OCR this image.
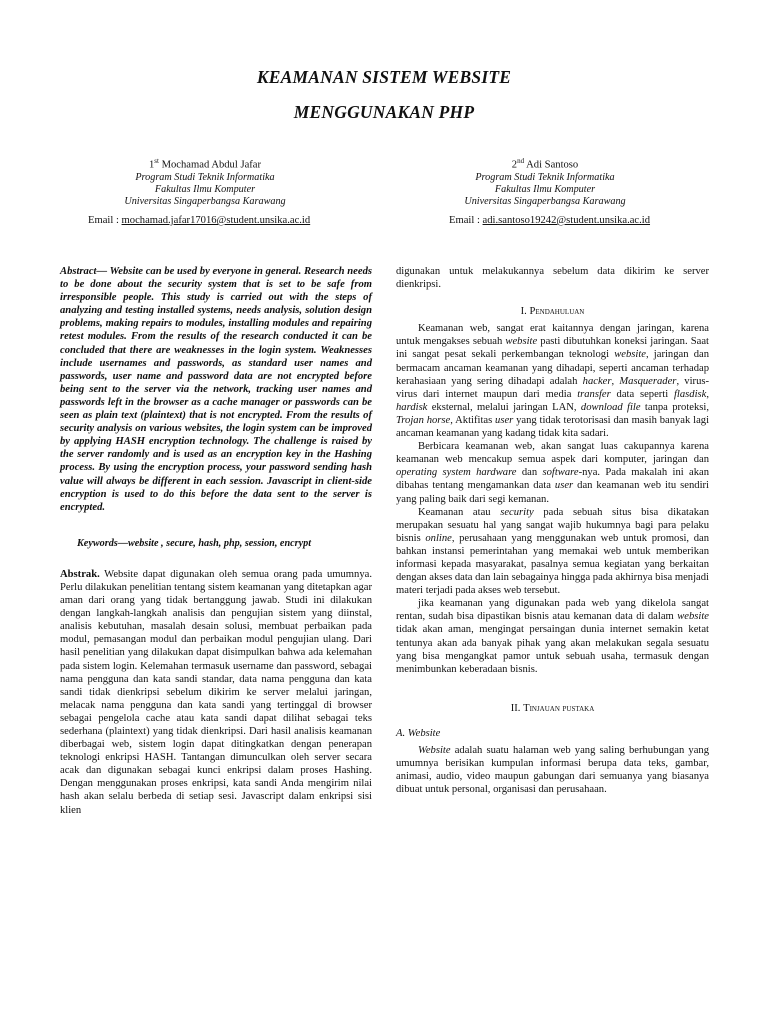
KEAMANAN SISTEM WEBSITE
MENGGUNAKAN PHP
1st Mochamad Abdul Jafar
Program Studi Teknik Informatika
Fakultas Ilmu Komputer
Universitas Singaperbangsa Karawang
2nd Adi Santoso
Program Studi Teknik Informatika
Fakultas Ilmu Komputer
Universitas Singaperbangsa Karawang
Email : mochamad.jafar17016@student.unsika.ac.id	Email : adi.santoso19242@student.unsika.ac.id

Abstract— Website can be used by everyone in general. Research needs to be done about the security system that is set to be safe from irresponsible people. This study is carried out with the steps of analyzing and testing installed systems, needs analysis, solution design problems, making repairs to modules, installing modules and repairing retest modules. From the results of the research conducted it can be concluded that there are weaknesses in the login system. Weaknesses include usernames and passwords, as standard user names and passwords, user name and password data are not encrypted before being sent to the server via the network, tracking user names and passwords left in the browser as a cache manager or passwords can be seen as plain text (plaintext) that is not encrypted. From the results of security analysis on various websites, the login system can be improved by applying HASH encryption technology. The challenge is raised by the server randomly and is used as an encryption key in the Hashing process. By using the encryption process, your password sending hash value will always be different in each session. Javascript in client-side encryption is used to do this before the data sent to the server is encrypted.

Keywords—website , secure, hash, php, session, encrypt

Abstrak. Website dapat digunakan oleh semua orang pada umumnya. Perlu dilakukan penelitian tentang sistem keamanan yang ditetapkan agar aman dari orang yang tidak bertanggung jawab. Studi ini dilakukan dengan langkah-langkah analisis dan pengujian sistem yang diinstal, analisis kebutuhan, masalah desain solusi, membuat perbaikan pada modul, pemasangan modul dan perbaikan modul pengujian ulang. Dari hasil penelitian yang dilakukan dapat disimpulkan bahwa ada kelemahan pada sistem login. Kelemahan termasuk username dan password, sebagai nama pengguna dan kata sandi standar, data nama pengguna dan kata sandi tidak dienkripsi sebelum dikirim ke server melalui jaringan, melacak nama pengguna dan kata sandi yang tertinggal di browser sebagai pengelola cache atau kata sandi dapat dilihat sebagai teks sederhana (plaintext) yang tidak dienkripsi. Dari hasil analisis keamanan diberbagai web, sistem login dapat ditingkatkan dengan penerapan teknologi enkripsi HASH. Tantangan dimunculkan oleh server secara acak dan digunakan sebagai kunci enkripsi dalam proses Hashing. Dengan menggunakan proses enkripsi, kata sandi Anda mengirim nilai hash akan selalu berbeda di setiap sesi. Javascript dalam enkripsi sisi klien

digunakan untuk melakukannya sebelum data dikirim ke server dienkripsi.

I. Pendahuluan

Keamanan web, sangat erat kaitannya dengan jaringan, karena untuk mengakses sebuah website pasti dibutuhkan koneksi jaringan. Saat ini sangat pesat sekali perkembangan teknologi website, jaringan dan bermacam ancaman keamanan yang dihadapi, seperti ancaman terhadap kerahasiaan yang sering dihadapi adalah hacker, Masquerader, virus-virus dari internet maupun dari media transfer data seperti flasdisk, hardisk eksternal, melalui jaringan LAN, download file tanpa proteksi, Trojan horse, Aktifitas user yang tidak terotorisasi dan masih banyak lagi ancaman keamanan yang kadang tidak kita sadari.

Berbicara keamanan web, akan sangat luas cakupannya karena keamanan web mencakup semua aspek dari komputer, jaringan dan operating system hardware dan software-nya. Pada makalah ini akan dibahas tentang mengamankan data user dan keamanan web itu sendiri yang paling baik dari segi kemanan.

Keamanan atau security pada sebuah situs bisa dikatakan merupakan sesuatu hal yang sangat wajib hukumnya bagi para pelaku bisnis online, perusahaan yang menggunakan web untuk promosi, dan bahkan instansi pemerintahan yang memakai web untuk memberikan informasi kepada masyarakat, pasalnya semua kegiatan yang berkaitan dengan akses data dan lain sebagainya hingga pada akhirnya bisa menjadi materi terjadi pada akses web tersebut.

jika keamanan yang digunakan pada web yang dikelola sangat rentan, sudah bisa dipastikan bisnis atau kemanan data di dalam website tidak akan aman, mengingat persaingan dunia internet semakin ketat tentunya akan ada banyak pihak yang akan melakukan segala sesuatu yang bisa mengangkat pamor untuk sebuah usaha, termasuk dengan menimbunkan keberadaan bisnis.

II. Tinjauan pustaka

A. Website

Website adalah suatu halaman web yang saling berhubungan yang umumnya berisikan kumpulan informasi berupa data teks, gambar, animasi, audio, video maupun gabungan dari semuanya yang biasanya dibuat untuk personal, organisasi dan perusahaan.
